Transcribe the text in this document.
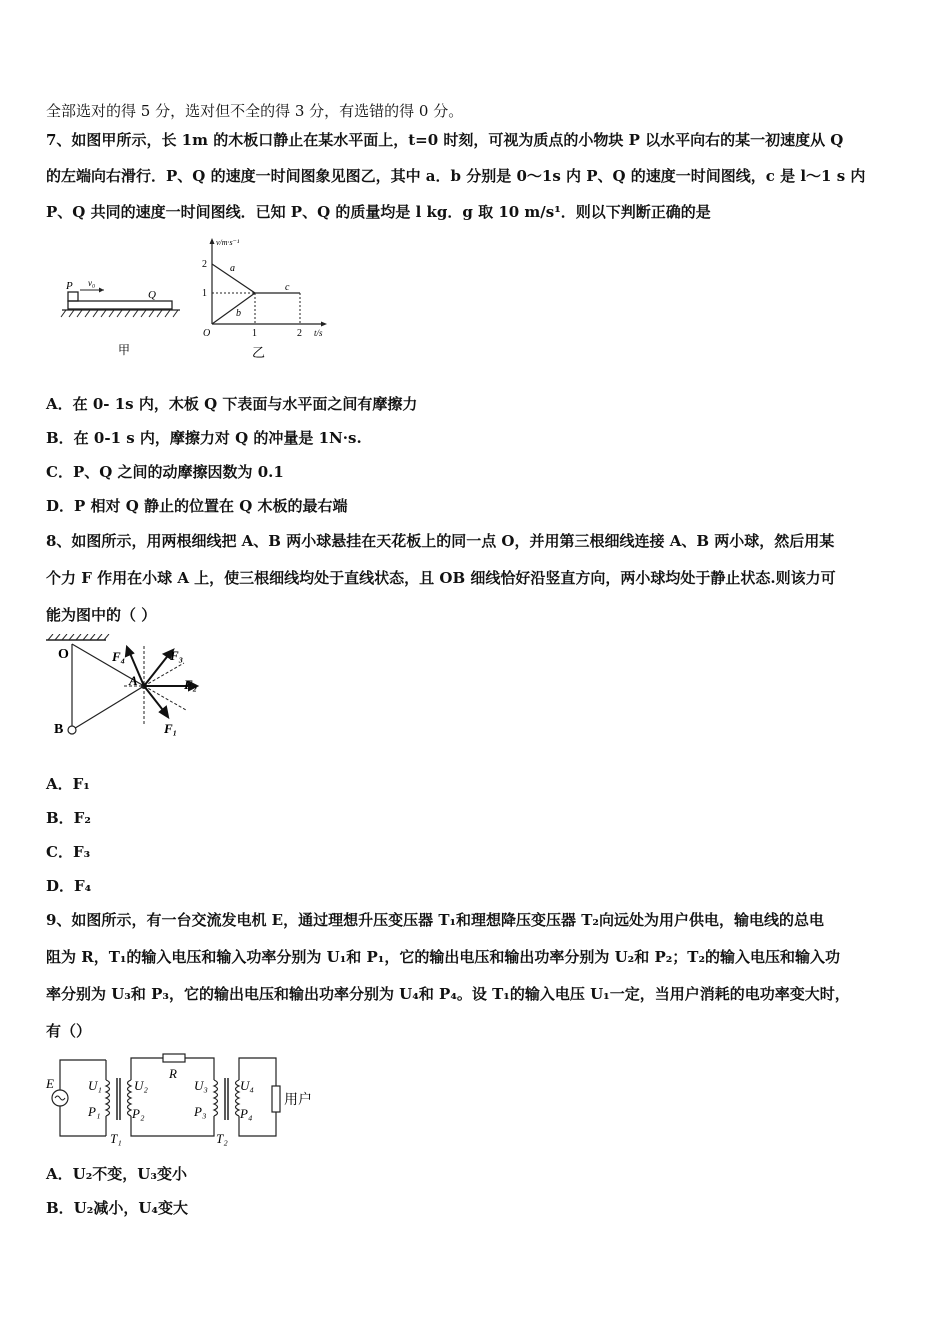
全部选对的得 5 分，选对但不全的得 3 分，有选错的得 0 分。
7、如图甲所示，长 1m 的木板口静止在某水平面上，t=0 时刻，可视为质点的小物块 P 以水平向右的某一初速度从 Q
的左端向右滑行．P、Q 的速度一时间图象见图乙，其中 a．b 分别是 0～1s 内 P、Q 的速度一时间图线，c 是 l～1 s 内
P、Q 共同的速度一时间图线．已知 P、Q 的质量均是 l kg．g 取 10 m/s¹．则以下判断正确的是
P v₀
Q
甲
v/m·s⁻¹
2
1
O	1	2 t/s
a
b
c
乙
A．在 0- 1s 内，木板 Q 下表面与水平面之间有摩擦力
B．在 0-1 s 内，摩擦力对 Q 的冲量是 1N·s.
C．P、Q 之间的动摩擦因数为 0.1
D．P 相对 Q 静止的位置在 Q 木板的最右端
8、如图所示，用两根细线把 A、B 两小球悬挂在天花板上的同一点 O，并用第三根细线连接 A、B 两小球，然后用某
个力 F 作用在小球 A 上，使三根细线均处于直线状态，且 OB 细线恰好沿竖直方向，两小球均处于静止状态.则该力可
能为图中的（ ）
O
A
B	F₁
F₂
F₃
F₄
A．F₁
B．F₂
C．F₃
D．F₄
9、如图所示，有一台交流发电机 E，通过理想升压变压器 T₁和理想降压变压器 T₂向远处为用户供电，输电线的总电
阻为 R，T₁的输入电压和输入功率分别为 U₁和 P₁，它的输出电压和输出功率分别为 U₂和 P₂；T₂的输入电压和输入功
率分别为 U₃和 P₃，它的输出电压和输出功率分别为 U₄和 P₄。设 T₁的输入电压 U₁一定，当用户消耗的电功率变大时，
有（）
E	U₁
P₁
U₂
P₂
R
U₃
P₃
U₄
P₄
T₁	T₂
用户
A．U₂不变，U₃变小
B．U₂减小，U₄变大
